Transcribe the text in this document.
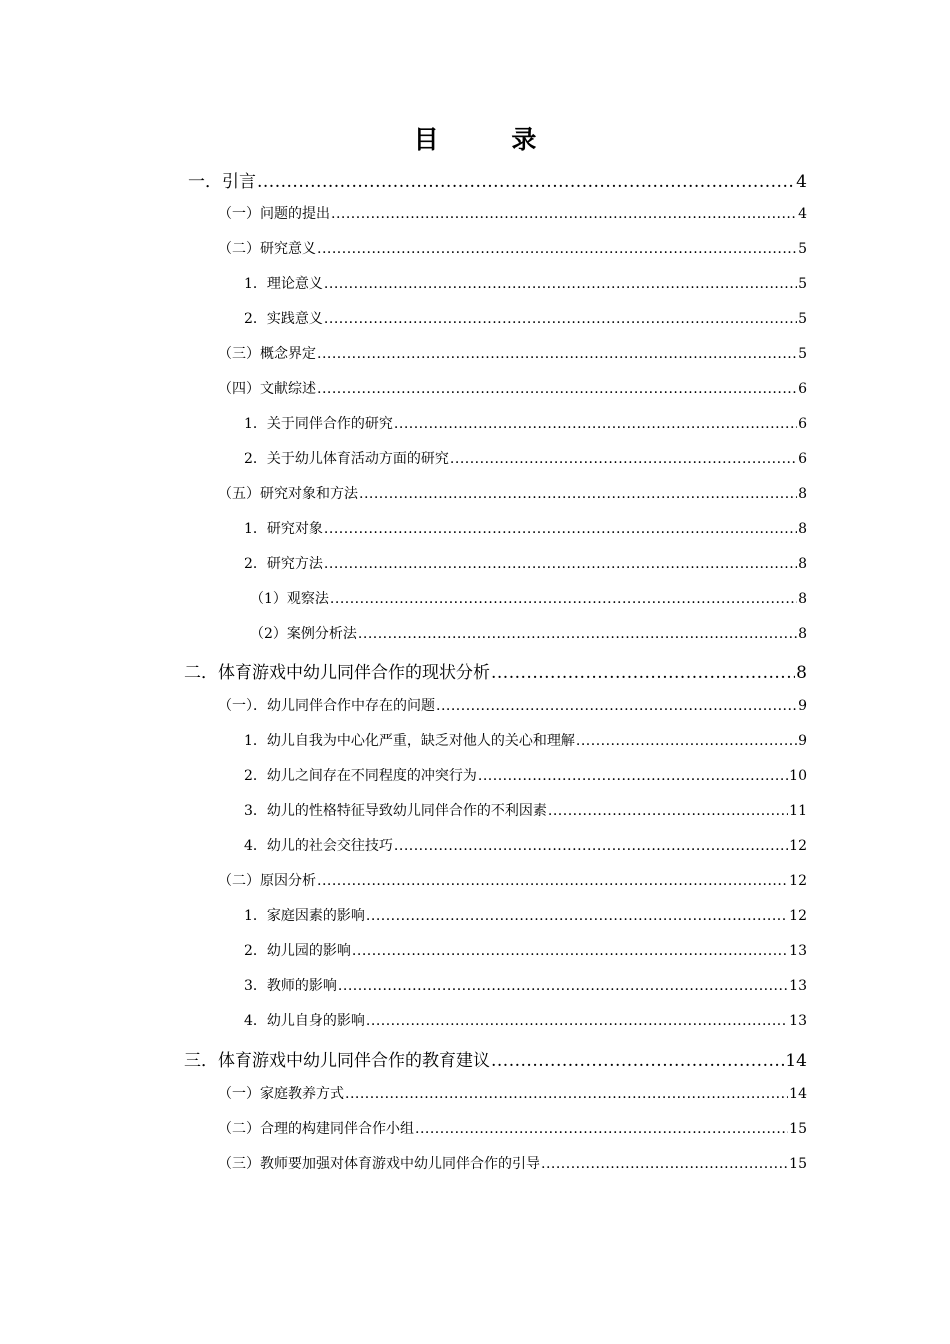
目 录
一．引言 .....	4
（一）问题的提出 .....	4
（二）研究意义 .....	5
1．理论意义 .....	5
2．实践意义 .....	5
（三）概念界定 .....	5
（四）文献综述 .....	6
1．关于同伴合作的研究 .....	6
2．关于幼儿体育活动方面的研究 .....	6
（五）研究对象和方法 .....	8
1．研究对象 .....	8
2．研究方法 .....	8
（1）观察法 .....	8
（2）案例分析法 .....	8
二．体育游戏中幼儿同伴合作的现状分析 .....	8
（一）．幼儿同伴合作中存在的问题 .....	9
1．幼儿自我为中心化严重，缺乏对他人的关心和理解 .....	9
2．幼儿之间存在不同程度的冲突行为 .....	10
3．幼儿的性格特征导致幼儿同伴合作的不利因素 .....	11
4．幼儿的社会交往技巧 .....	12
（二）原因分析 .....	12
1．家庭因素的影响 .....	12
2．幼儿园的影响 .....	13
3．教师的影响 .....	13
4．幼儿自身的影响 .....	13
三．体育游戏中幼儿同伴合作的教育建议 .....	14
（一）家庭教养方式 .....	14
（二）合理的构建同伴合作小组 .....	15
（三）教师要加强对体育游戏中幼儿同伴合作的引导 .....	15
